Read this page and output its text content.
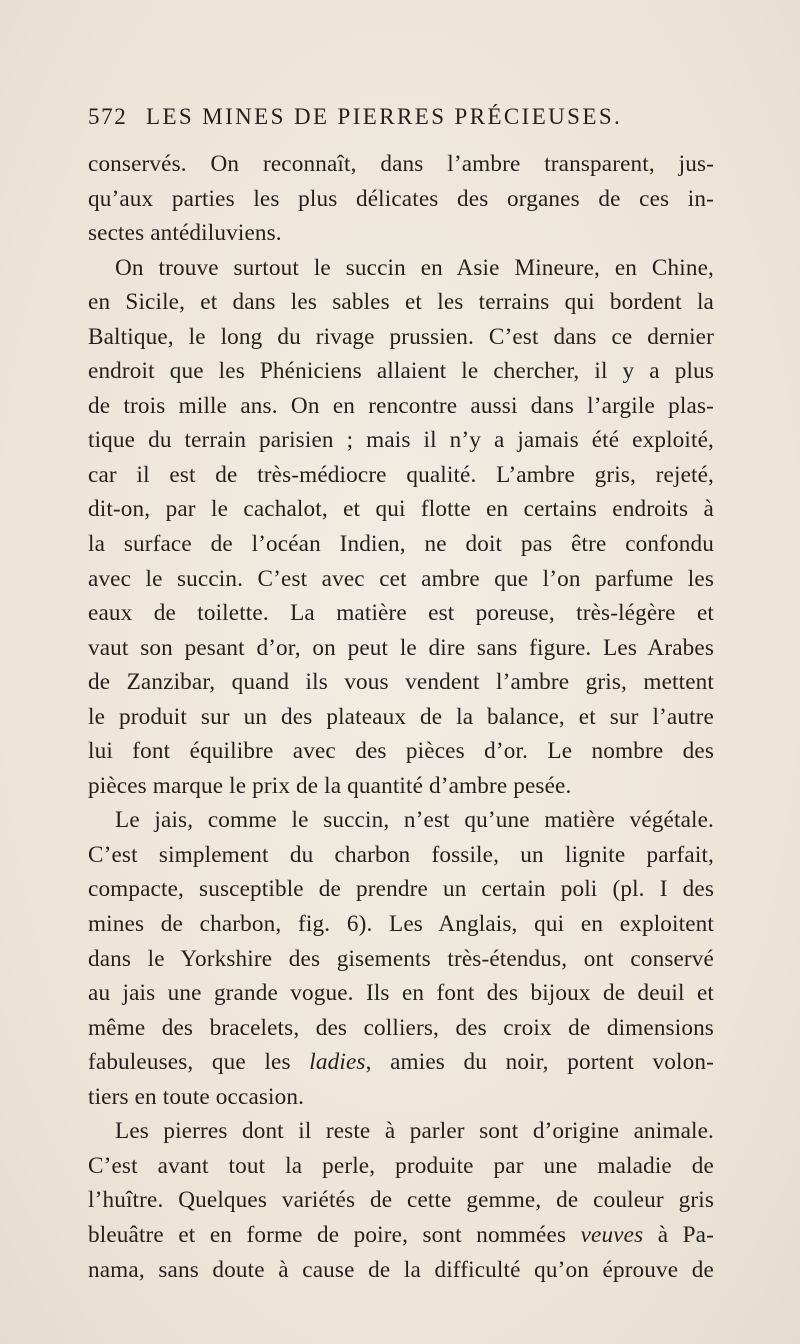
572 LES MINES DE PIERRES PRÉCIEUSES.
conservés. On reconnaît, dans l’ambre transparent, jus-
qu’aux parties les plus délicates des organes de ces in-
sectes antédiluviens.
On trouve surtout le succin en Asie Mineure, en Chine,
en Sicile, et dans les sables et les terrains qui bordent la
Baltique, le long du rivage prussien. C’est dans ce dernier
endroit que les Phéniciens allaient le chercher, il y a plus
de trois mille ans. On en rencontre aussi dans l’argile plas-
tique du terrain parisien ; mais il n’y a jamais été exploité,
car il est de très-médiocre qualité. L’ambre gris, rejeté,
dit-on, par le cachalot, et qui flotte en certains endroits à
la surface de l’océan Indien, ne doit pas être confondu
avec le succin. C’est avec cet ambre que l’on parfume les
eaux de toilette. La matière est poreuse, très-légère et
vaut son pesant d’or, on peut le dire sans figure. Les Arabes
de Zanzibar, quand ils vous vendent l’ambre gris, mettent
le produit sur un des plateaux de la balance, et sur l’autre
lui font équilibre avec des pièces d’or. Le nombre des
pièces marque le prix de la quantité d’ambre pesée.
Le jais, comme le succin, n’est qu’une matière végétale.
C’est simplement du charbon fossile, un lignite parfait,
compacte, susceptible de prendre un certain poli (pl. I des
mines de charbon, fig. 6). Les Anglais, qui en exploitent
dans le Yorkshire des gisements très-étendus, ont conservé
au jais une grande vogue. Ils en font des bijoux de deuil et
même des bracelets, des colliers, des croix de dimensions
fabuleuses, que les ladies, amies du noir, portent volon-
tiers en toute occasion.
Les pierres dont il reste à parler sont d’origine animale.
C’est avant tout la perle, produite par une maladie de
l’huître. Quelques variétés de cette gemme, de couleur gris
bleuâtre et en forme de poire, sont nommées veuves à Pa-
nama, sans doute à cause de la difficulté qu’on éprouve de
